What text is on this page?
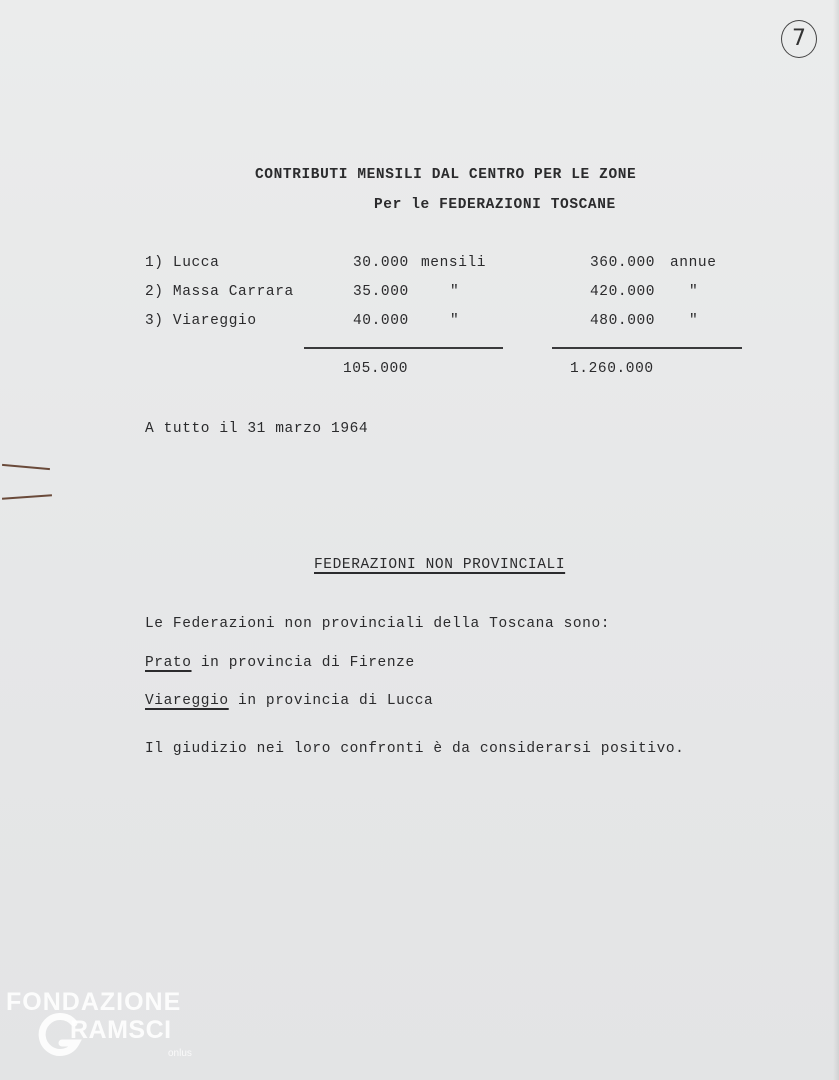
7
CONTRIBUTI MENSILI DAL CENTRO PER LE ZONE
Per le FEDERAZIONI TOSCANE
1) Lucca	30.000 mensili	360.000 annue
2) Massa Carrara	35.000	"	420.000 "
3) Viareggio	40.000	"	480.000 "
105.000	1.260.000
A tutto il 31 marzo 1964
FEDERAZIONI NON PROVINCIALI
Le Federazioni non provinciali della Toscana sono:
Prato in provincia di Firenze
Viareggio in provincia di Lucca
Il giudizio nei loro confronti è da considerarsi positivo.
FONDAZIONE
RAMSCI
onlus
